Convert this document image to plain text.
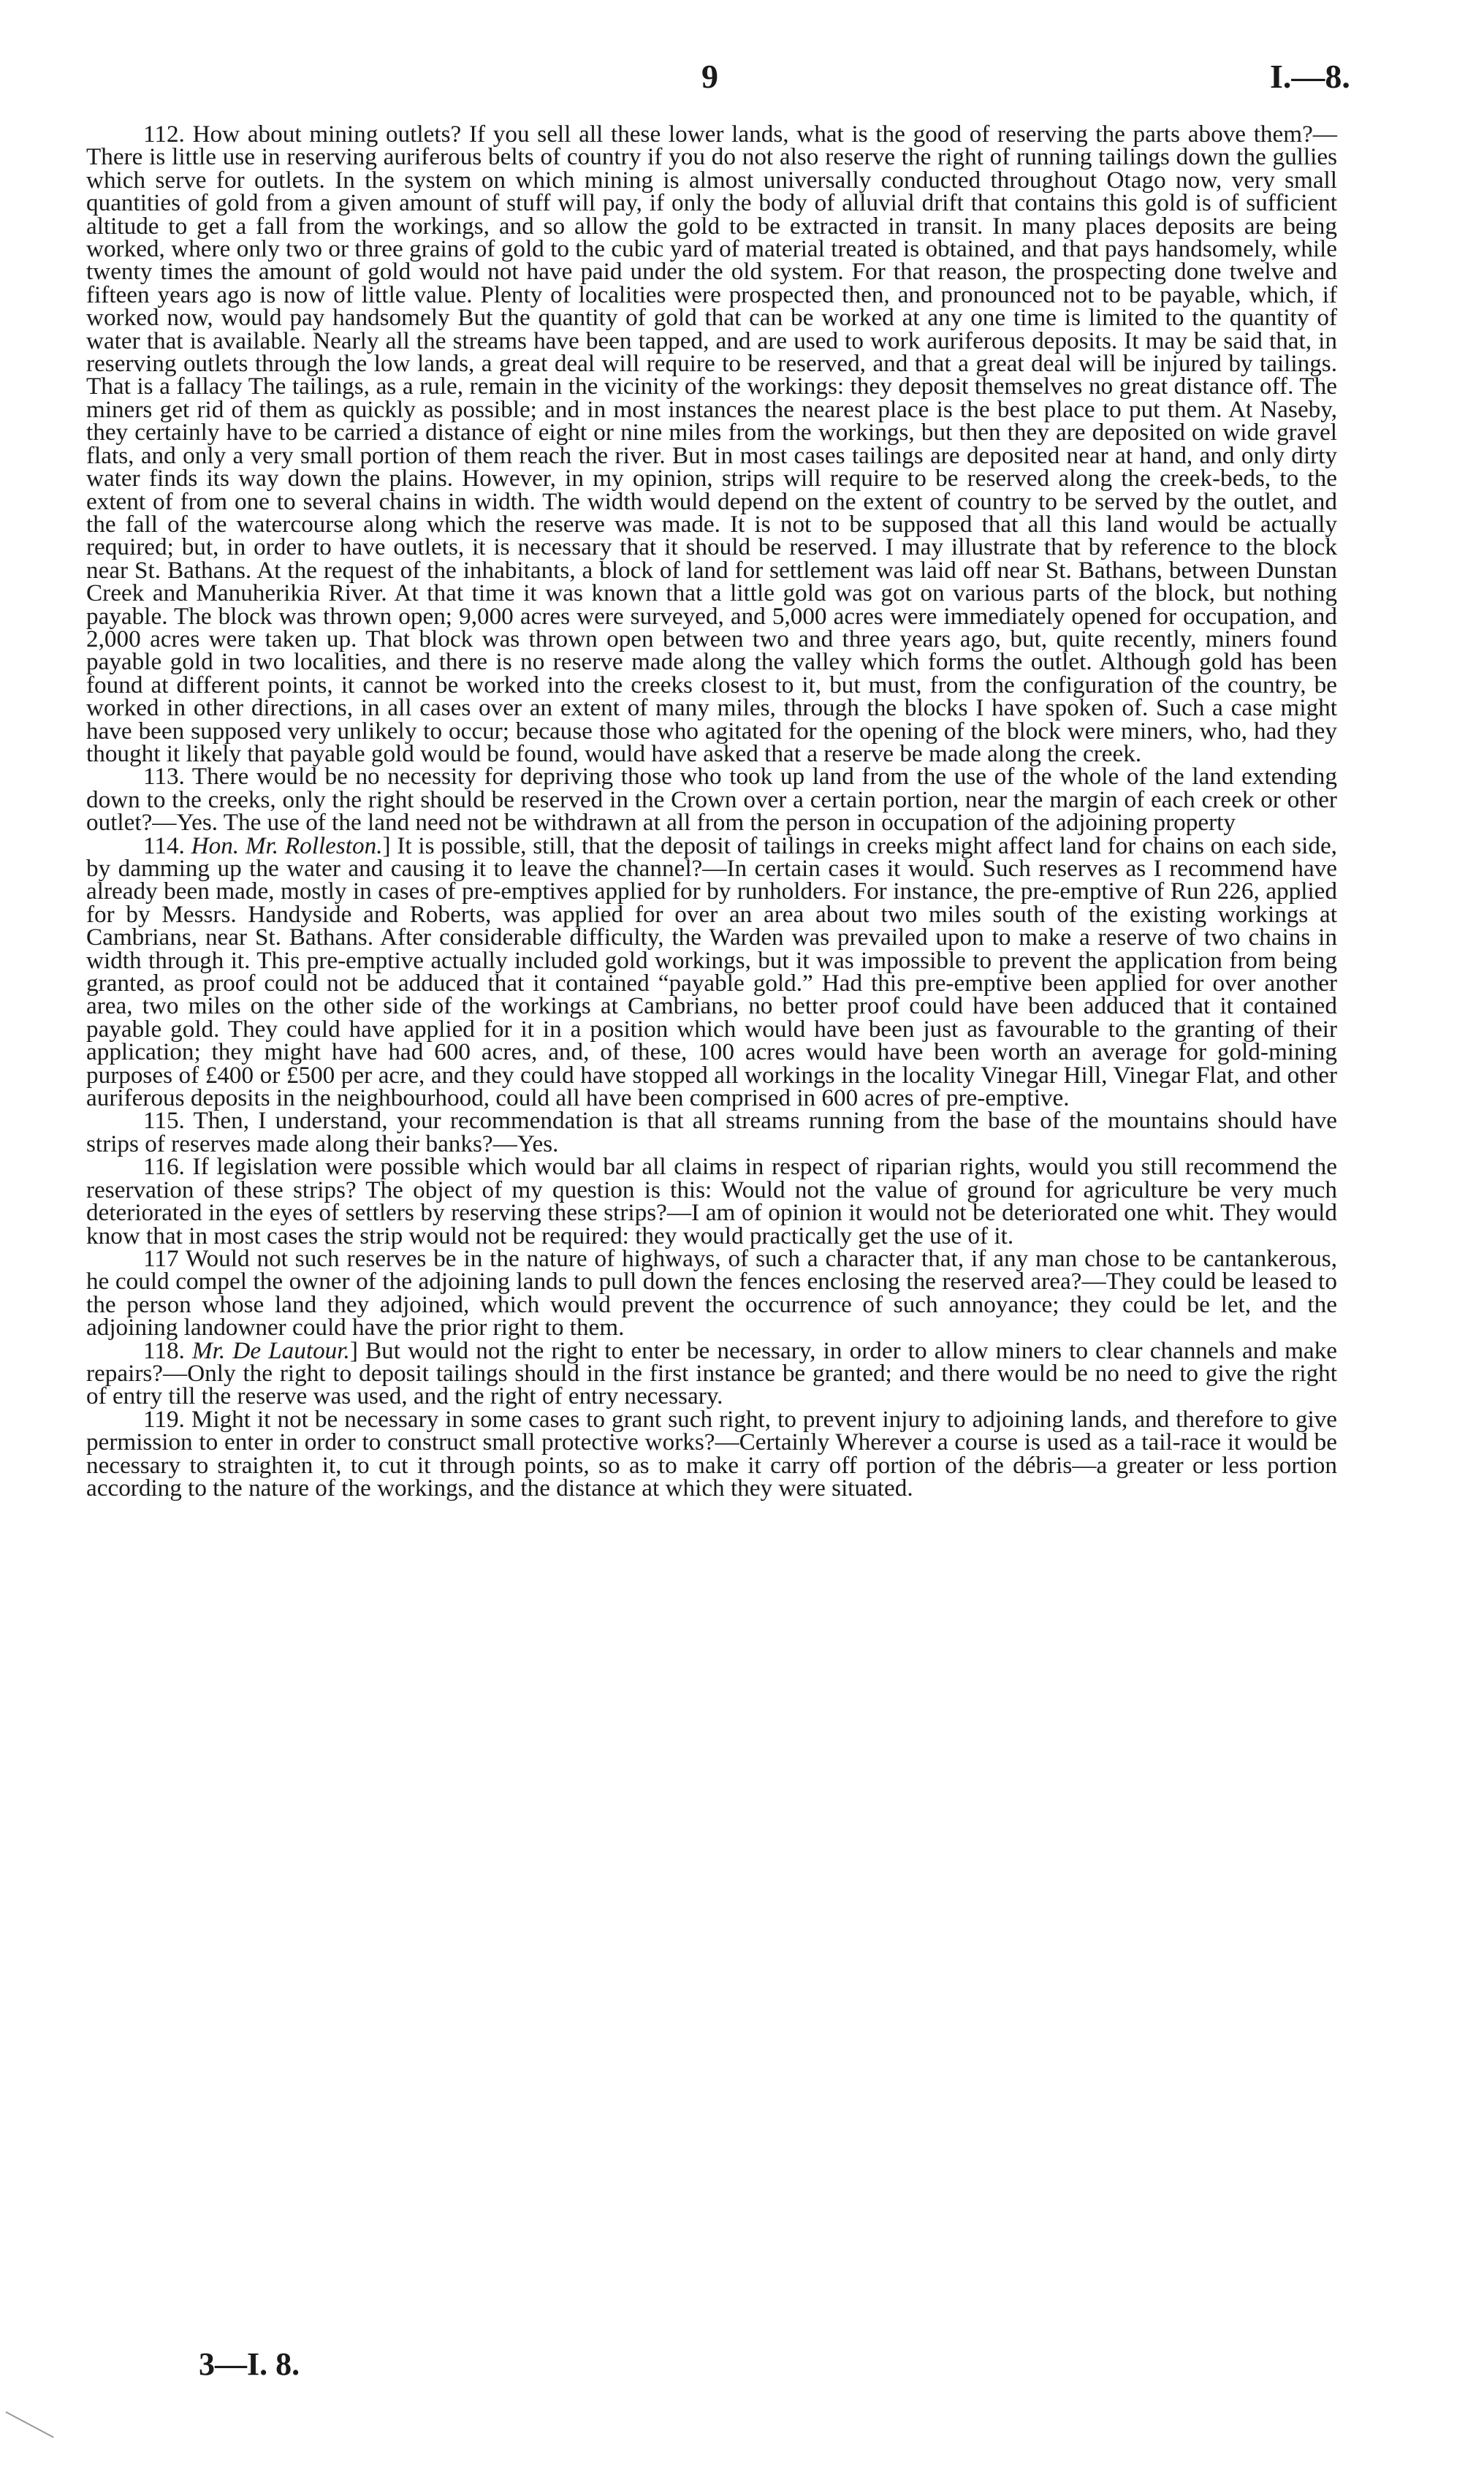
9	I.—8.

112. How about mining outlets? If you sell all these lower lands, what is the good of reserving the parts above them?—There is little use in reserving auriferous belts of country if you do not also reserve the right of running tailings down the gullies which serve for outlets. In the system on which mining is almost universally conducted throughout Otago now, very small quantities of gold from a given amount of stuff will pay, if only the body of alluvial drift that contains this gold is of sufficient altitude to get a fall from the workings, and so allow the gold to be extracted in transit. In many places deposits are being worked, where only two or three grains of gold to the cubic yard of material treated is obtained, and that pays handsomely, while twenty times the amount of gold would not have paid under the old system. For that reason, the prospecting done twelve and fifteen years ago is now of little value. Plenty of localities were prospected then, and pronounced not to be payable, which, if worked now, would pay handsomely But the quantity of gold that can be worked at any one time is limited to the quantity of water that is available. Nearly all the streams have been tapped, and are used to work auriferous deposits. It may be said that, in reserving outlets through the low lands, a great deal will require to be reserved, and that a great deal will be injured by tailings. That is a fallacy The tailings, as a rule, remain in the vicinity of the workings: they deposit themselves no great distance off. The miners get rid of them as quickly as possible; and in most instances the nearest place is the best place to put them. At Naseby, they certainly have to be carried a distance of eight or nine miles from the workings, but then they are deposited on wide gravel flats, and only a very small portion of them reach the river. But in most cases tailings are deposited near at hand, and only dirty water finds its way down the plains. However, in my opinion, strips will require to be reserved along the creek-beds, to the extent of from one to several chains in width. The width would depend on the extent of country to be served by the outlet, and the fall of the watercourse along which the reserve was made. It is not to be supposed that all this land would be actually required; but, in order to have outlets, it is necessary that it should be reserved. I may illustrate that by reference to the block near St. Bathans. At the request of the inhabitants, a block of land for settlement was laid off near St. Bathans, between Dunstan Creek and Manuherikia River. At that time it was known that a little gold was got on various parts of the block, but nothing payable. The block was thrown open; 9,000 acres were surveyed, and 5,000 acres were immediately opened for occupation, and 2,000 acres were taken up. That block was thrown open between two and three years ago, but, quite recently, miners found payable gold in two localities, and there is no reserve made along the valley which forms the outlet. Although gold has been found at different points, it cannot be worked into the creeks closest to it, but must, from the configuration of the country, be worked in other directions, in all cases over an extent of many miles, through the blocks I have spoken of. Such a case might have been supposed very unlikely to occur; because those who agitated for the opening of the block were miners, who, had they thought it likely that payable gold would be found, would have asked that a reserve be made along the creek.

113. There would be no necessity for depriving those who took up land from the use of the whole of the land extending down to the creeks, only the right should be reserved in the Crown over a certain portion, near the margin of each creek or other outlet?—Yes. The use of the land need not be withdrawn at all from the person in occupation of the adjoining property

114. Hon. Mr. Rolleston.] It is possible, still, that the deposit of tailings in creeks might affect land for chains on each side, by damming up the water and causing it to leave the channel?—In certain cases it would. Such reserves as I recommend have already been made, mostly in cases of pre-emptives applied for by runholders. For instance, the pre-emptive of Run 226, applied for by Messrs. Handyside and Roberts, was applied for over an area about two miles south of the existing workings at Cambrians, near St. Bathans. After considerable difficulty, the Warden was prevailed upon to make a reserve of two chains in width through it. This pre-emptive actually included gold workings, but it was impossible to prevent the application from being granted, as proof could not be adduced that it contained “payable gold.” Had this pre-emptive been applied for over another area, two miles on the other side of the workings at Cambrians, no better proof could have been adduced that it contained payable gold. They could have applied for it in a position which would have been just as favourable to the granting of their application; they might have had 600 acres, and, of these, 100 acres would have been worth an average for gold-mining purposes of £400 or £500 per acre, and they could have stopped all workings in the locality Vinegar Hill, Vinegar Flat, and other auriferous deposits in the neighbourhood, could all have been comprised in 600 acres of pre-emptive.

115. Then, I understand, your recommendation is that all streams running from the base of the mountains should have strips of reserves made along their banks?—Yes.

116. If legislation were possible which would bar all claims in respect of riparian rights, would you still recommend the reservation of these strips? The object of my question is this: Would not the value of ground for agriculture be very much deteriorated in the eyes of settlers by reserving these strips?—I am of opinion it would not be deteriorated one whit. They would know that in most cases the strip would not be required: they would practically get the use of it.

117 Would not such reserves be in the nature of highways, of such a character that, if any man chose to be cantankerous, he could compel the owner of the adjoining lands to pull down the fences enclosing the reserved area?—They could be leased to the person whose land they adjoined, which would prevent the occurrence of such annoyance; they could be let, and the adjoining landowner could have the prior right to them.

118. Mr. De Lautour.] But would not the right to enter be necessary, in order to allow miners to clear channels and make repairs?—Only the right to deposit tailings should in the first instance be granted; and there would be no need to give the right of entry till the reserve was used, and the right of entry necessary.

119. Might it not be necessary in some cases to grant such right, to prevent injury to adjoining lands, and therefore to give permission to enter in order to construct small protective works?—Certainly Wherever a course is used as a tail-race it would be necessary to straighten it, to cut it through points, so as to make it carry off portion of the débris—a greater or less portion according to the nature of the workings, and the distance at which they were situated.

3—I. 8.
